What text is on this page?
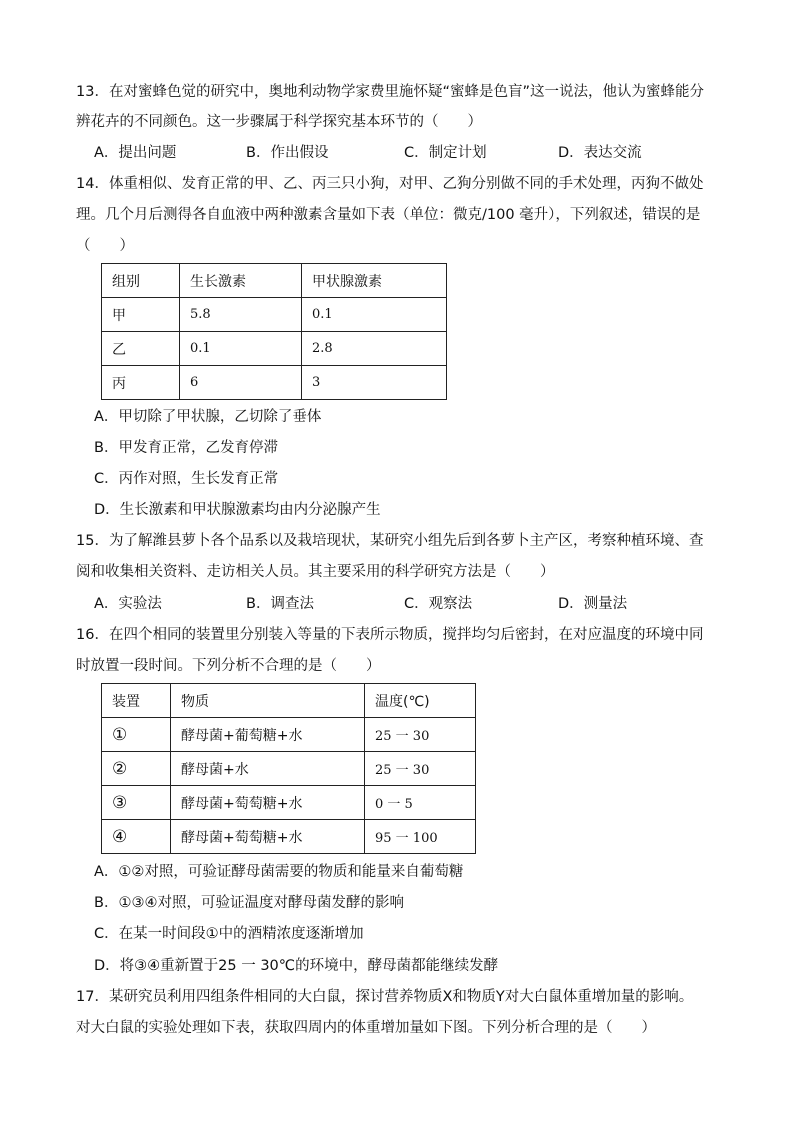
13．在对蜜蜂色觉的研究中，奥地利动物学家费里施怀疑“蜜蜂是色盲”这一说法，他认为蜜蜂能分
辨花卉的不同颜色。这一步骤属于科学探究基本环节的（　　）
A．提出问题	B．作出假设	C．制定计划	D．表达交流
14．体重相似、发育正常的甲、乙、丙三只小狗，对甲、乙狗分别做不同的手术处理，丙狗不做处
理。几个月后测得各自血液中两种激素含量如下表（单位：微克/100 毫升），下列叙述，错误的是
（　　）
组别	生长激素	甲状腺激素
甲	5.8	0.1
乙	0.1	2.8
丙	6	3
A．甲切除了甲状腺，乙切除了垂体
B．甲发育正常，乙发育停滞
C．丙作对照，生长发育正常
D．生长激素和甲状腺激素均由内分泌腺产生
15．为了解潍县萝卜各个品系以及栽培现状，某研究小组先后到各萝卜主产区，考察种植环境、查
阅和收集相关资料、走访相关人员。其主要采用的科学研究方法是（　　）
A．实验法	B．调查法	C．观察法	D．测量法
16．在四个相同的装置里分别装入等量的下表所示物质，搅拌均匀后密封，在对应温度的环境中同
时放置一段时间。下列分析不合理的是（　　）
装置	物质	温度(℃)
①	酵母菌+葡萄糖+水	25 一 30
②	酵母菌+水	25 一 30
③	酵母菌+萄萄糖+水	0 一 5
④	酵母菌+萄萄糖+水	95 一 100
A．①②对照，可验证酵母菌需要的物质和能量来自葡萄糖
B．①③④对照，可验证温度对酵母菌发酵的影响
C．在某一时间段①中的酒精浓度逐渐增加
D．将③④重新置于25 一 30℃的环境中，酵母菌都能继续发酵
17．某研究员利用四组条件相同的大白鼠，探讨营养物质X和物质Y对大白鼠体重增加量的影响。
对大白鼠的实验处理如下表，获取四周内的体重增加量如下图。下列分析合理的是（　　）
